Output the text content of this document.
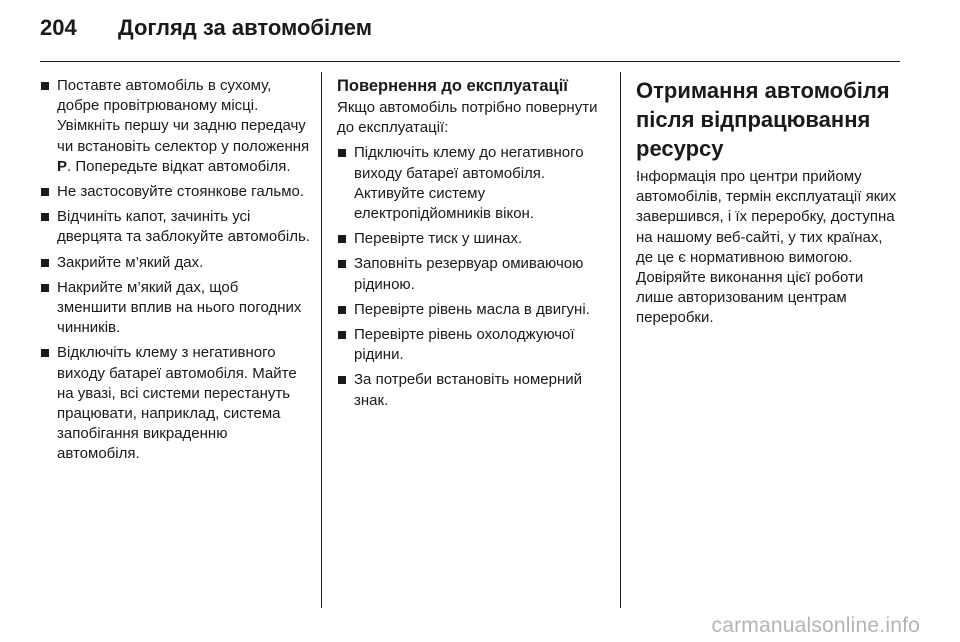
204	Догляд за автомобілем
Поставте автомобіль в сухому, добре провітрюваному місці. Увімкніть першу чи задню передачу чи встановіть селектор у положення P. Попередьте відкат автомобіля.
Не застосовуйте стоянкове гальмо.
Відчиніть капот, зачиніть усі дверцята та заблокуйте автомобіль.
Закрийте м’який дах.
Накрийте м’який дах, щоб зменшити вплив на нього погодних чинників.
Відключіть клему з негативного виходу батареї автомобіля. Майте на увазі, всі системи перестануть працювати, наприклад, система запобігання викраденню автомобіля.
Повернення до експлуатації
Якщо автомобіль потрібно повернути до експлуатації:
Підключіть клему до негативного виходу батареї автомобіля. Активуйте систему електропідйомників вікон.
Перевірте тиск у шинах.
Заповніть резервуар омиваючою рідиною.
Перевірте рівень масла в двигуні.
Перевірте рівень охолоджуючої рідини.
За потреби встановіть номерний знак.
Отримання автомобіля після відпрацювання ресурсу

Інформація про центри прийому автомобілів, термін експлуатації яких завершився, і їх переробку, доступна на нашому веб-сайті, у тих країнах, де це є нормативною вимогою. Довіряйте виконання цієї роботи лише авторизованим центрам переробки.

carmanualsonline.info
